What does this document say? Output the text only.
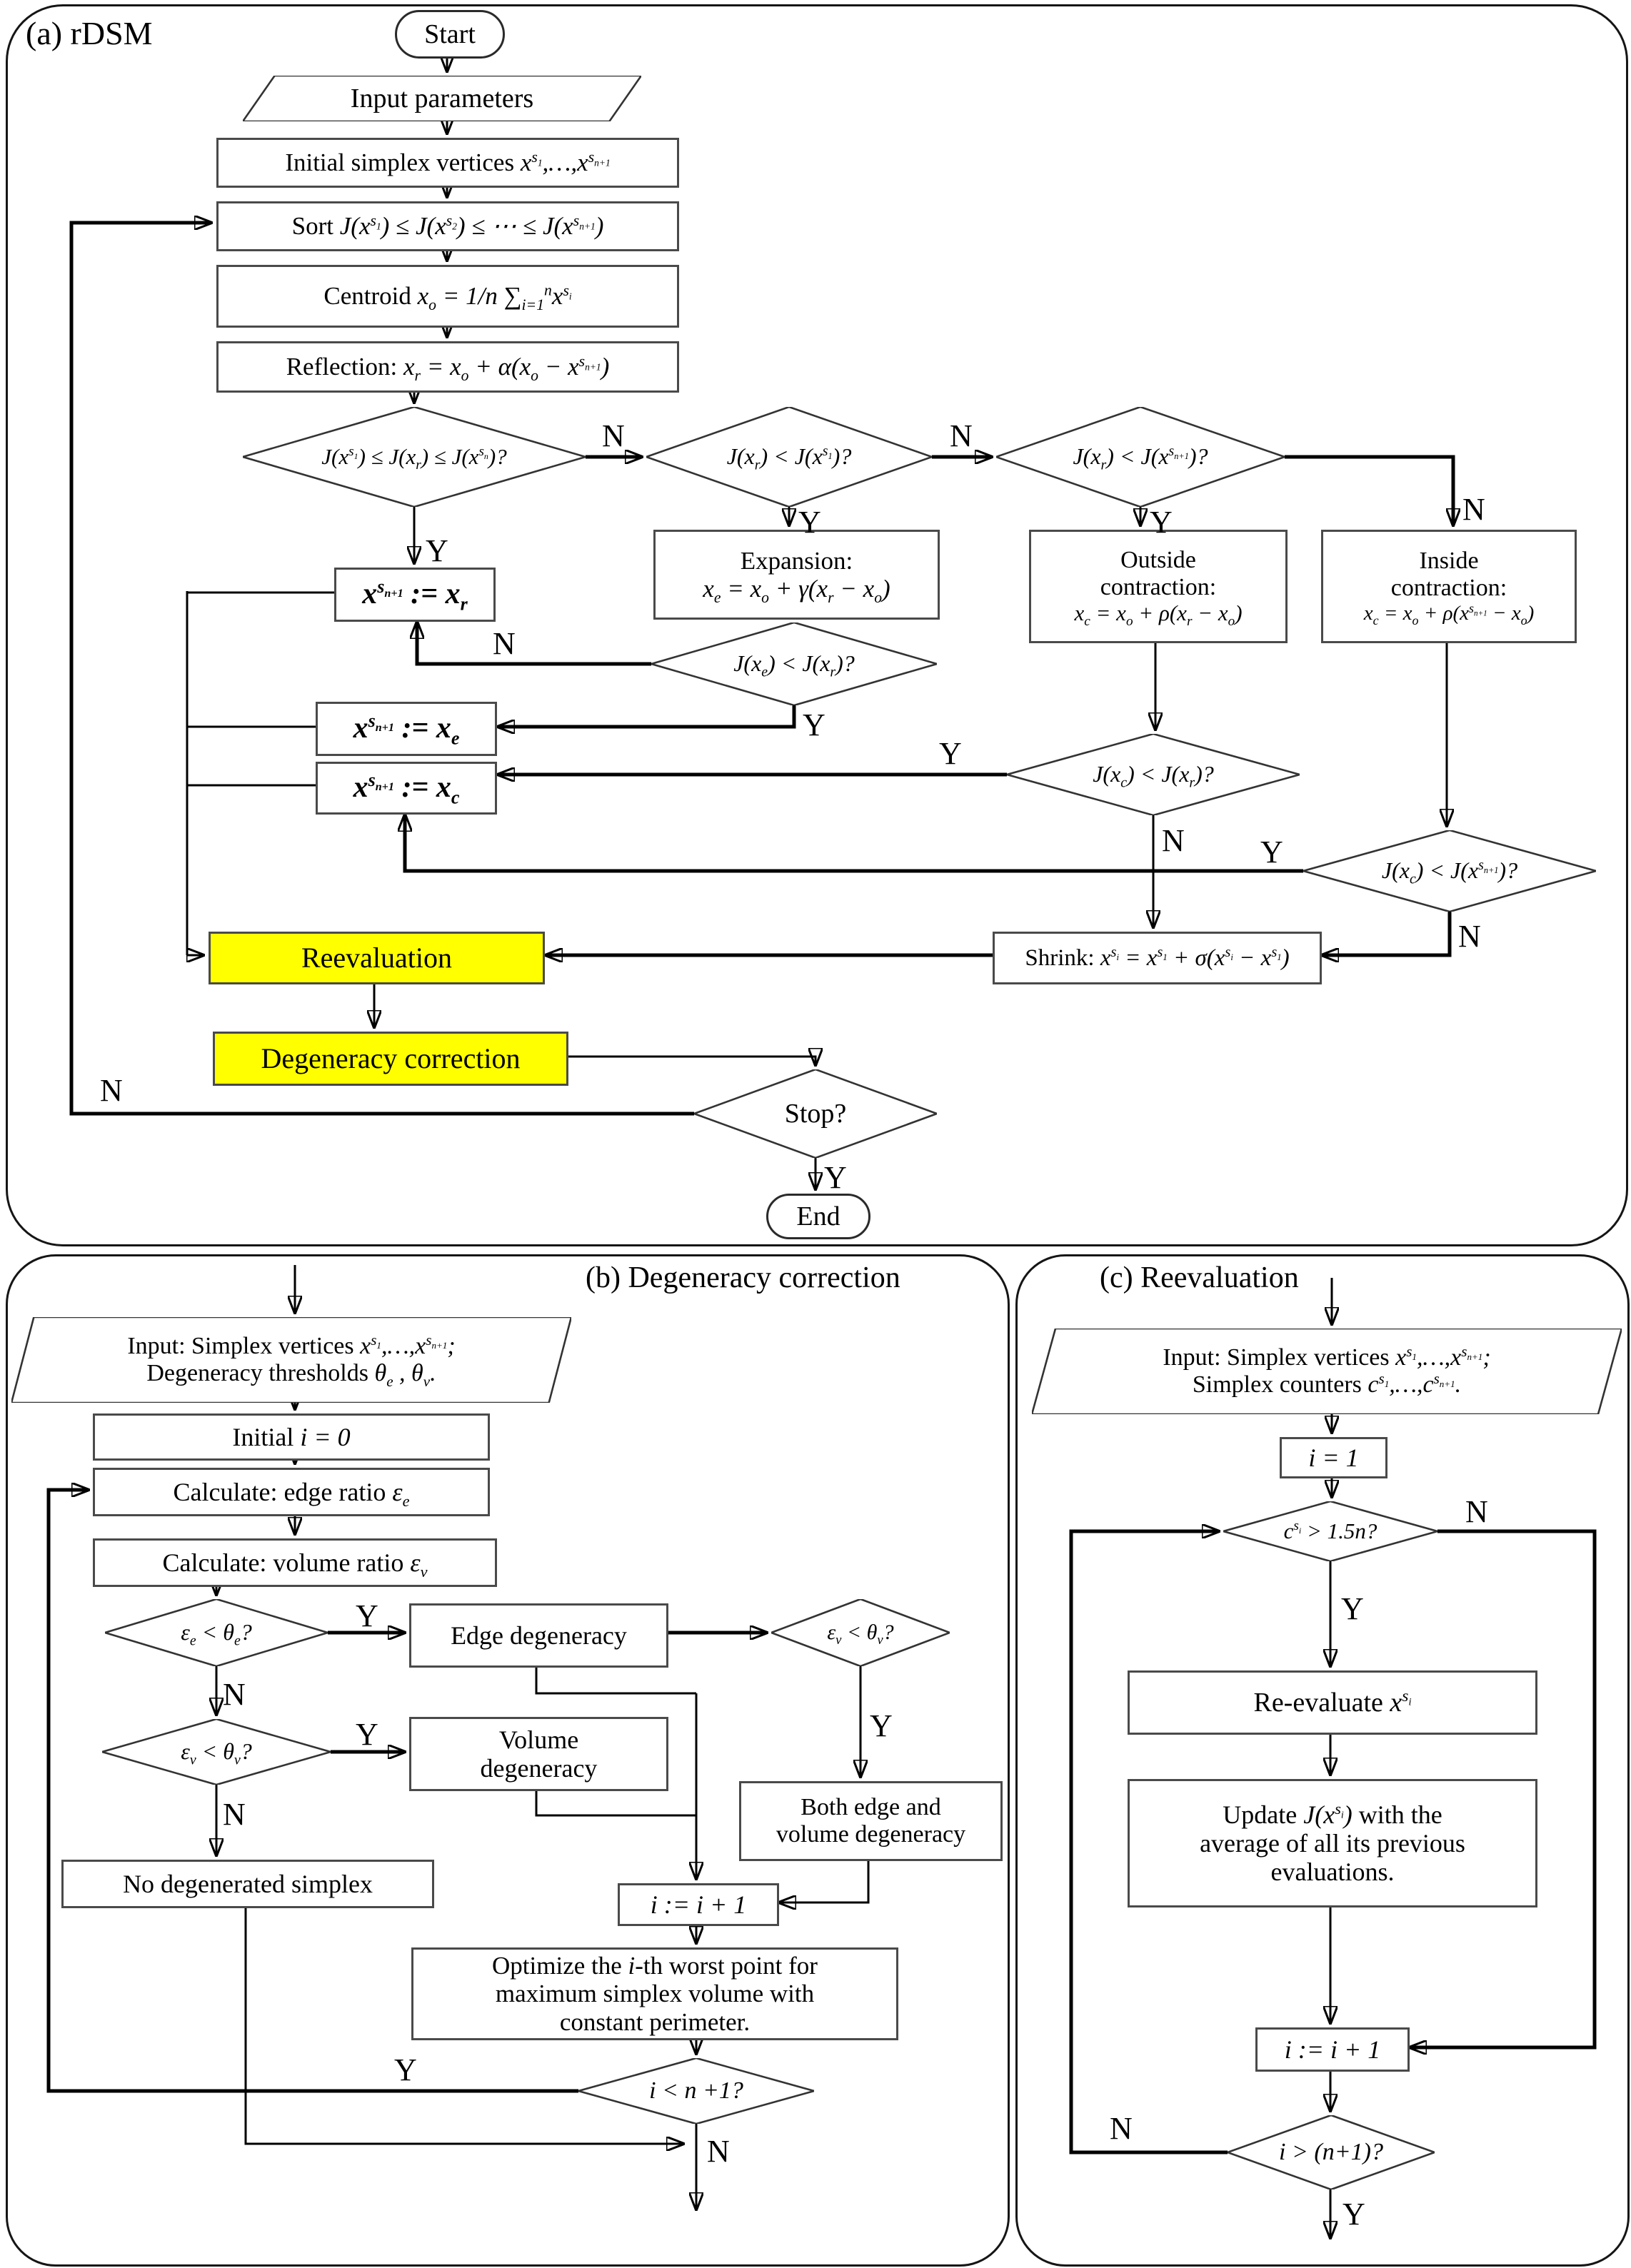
(a) rDSM
(b) Degeneracy correction	(c) Reevaluation
Start
Input parameters
Initial simplex vertices $x^{s_1},\dots,x^{s_{n+1}}$
Sort $J(x^{s_1}) \le J(x^{s_2})$ ≤ ⋯ ≤ $J(x^{s_{n+1}})$
Centroid $x_o = 1/n$ $\sum_{i=1}^nx^{s_i}$
Reflection: $x_r = x_o + \alpha(x_o - x^{s_{n+1}})$
$J(x^{s_1}) \le J(x_r) \le J(x^{s_n})$?	$J(x_r) < J(x^{s_1})$?	$J(x_r) < J(x^{s_{n+1}})$?
$x^{s_{n+1}}$ := $x_r$
Expansion:
$x_e = x_o + \gamma(x_r - x_o)$
Outside
contraction:
$x_c = x_o + \rho(x_r - x_o)$
Inside
contraction:
$x_c = x_o + \rho(x^{s_{n+1}} - x_o)$
$J(x_e) < J(x_r)$?
$x^{s_{n+1}}$ := $x_e$
$x^{s_{n+1}}$ := $x_c$
$J(x_c) < J(x_r)$?
$J(x_c) < J(x^{s_{n+1}})$?
Shrink: $x^{s_i} = x^{s_1} + \sigma(x^{s_i} - x^{s_1})$
Reevaluation
Degeneracy correction
Stop?
End
N	N
N
Y
Y	Y
N
Y
Y
N Y
N
N
Y
Input: Simplex vertices $x^{s_1},\dots,x^{s_{n+1}}$;
Degeneracy thresholds $\theta_e$ , $\theta_v$.
Initial i = 0
Calculate: edge ratio $\varepsilon_e$
Calculate: volume ratio $\varepsilon_v$
$\varepsilon_e < \theta_e$?	Edge degeneracy	$\varepsilon_v < \theta_v$?
$\varepsilon_v < \theta_v$?	Volume
degeneracy
Both edge and
volume degeneracy
No degenerated simplex
i := i + 1
Optimize the i-th worst point for
maximum simplex volume with
constant perimeter.
i < n +1?
Y
N
Y
N
Y
Y
N
Input: Simplex vertices $x^{s_1},\dots,x^{s_{n+1}}$;
Simplex counters $c^{s_1},\dots,c^{s_{n+1}}$.
i = 1
$c^{s_i} > 1.5n$?
Re-evaluate $x^{s_i}$
Update $J(x^{s_i})$ with the
average of all its previous
evaluations.
i := i + 1
i > (n+1)?
N
Y
N
Y
